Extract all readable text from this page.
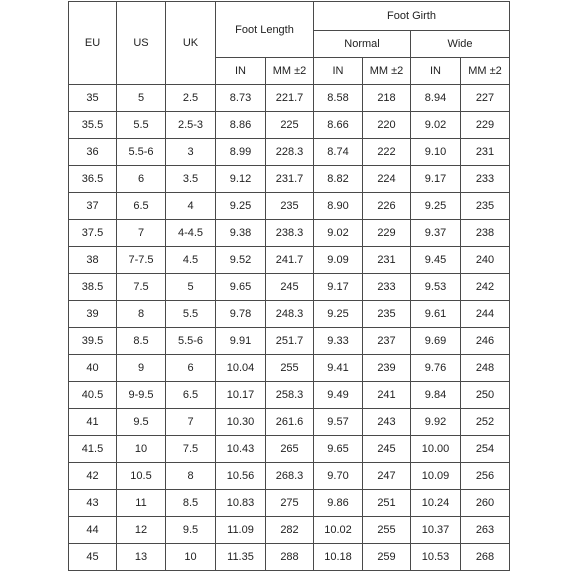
EU	US	UK	Foot Length		Foot Girth			
					Normal		Wide	
			IN	MM ±2	IN	MM ±2	IN	MM ±2
35	5	2.5	8.73	221.7	8.58	218	8.94	227
35.5	5.5	2.5-3	8.86	225	8.66	220	9.02	229
36	5.5-6	3	8.99	228.3	8.74	222	9.10	231
36.5	6	3.5	9.12	231.7	8.82	224	9.17	233
37	6.5	4	9.25	235	8.90	226	9.25	235
37.5	7	4-4.5	9.38	238.3	9.02	229	9.37	238
38	7-7.5	4.5	9.52	241.7	9.09	231	9.45	240
38.5	7.5	5	9.65	245	9.17	233	9.53	242
39	8	5.5	9.78	248.3	9.25	235	9.61	244
39.5	8.5	5.5-6	9.91	251.7	9.33	237	9.69	246
40	9	6	10.04	255	9.41	239	9.76	248
40.5	9-9.5	6.5	10.17	258.3	9.49	241	9.84	250
41	9.5	7	10.30	261.6	9.57	243	9.92	252
41.5	10	7.5	10.43	265	9.65	245	10.00	254
42	10.5	8	10.56	268.3	9.70	247	10.09	256
43	11	8.5	10.83	275	9.86	251	10.24	260
44	12	9.5	11.09	282	10.02	255	10.37	263
45	13	10	11.35	288	10.18	259	10.53	268
